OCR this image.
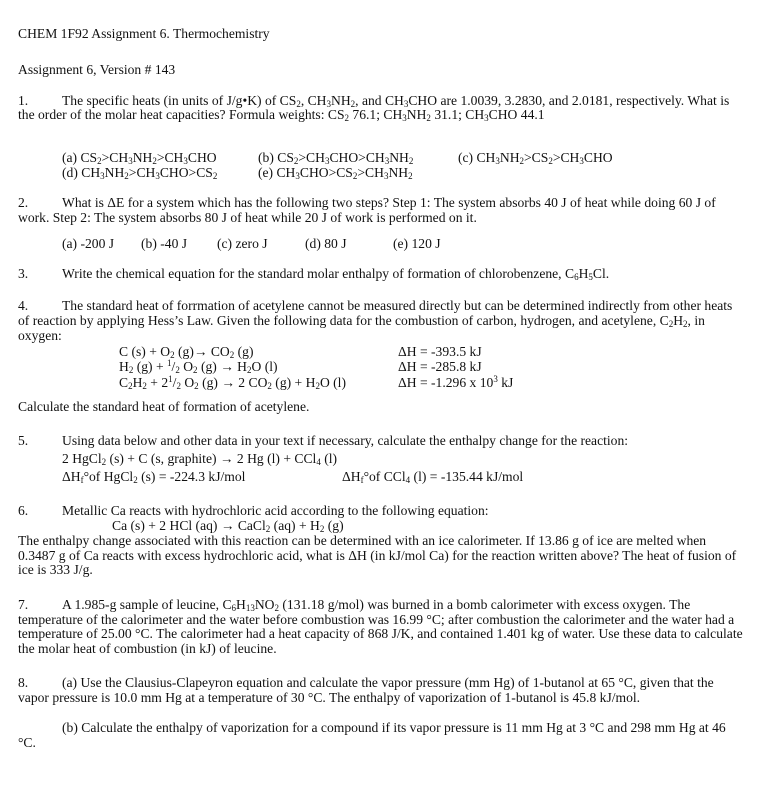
CHEM 1F92 Assignment 6. Thermochemistry
Assignment 6, Version # 143
1. The specific heats (in units of J/g•K) of $CS_2$, $CH_3NH_2$, and $CH_3CHO$ are 1.0039, 3.2830, and 2.0181, respectively. What is the order of the molar heat capacities? Formula weights: $CS_2$ 76.1; $CH_3NH_2$ 31.1; $CH_3CHO$ 44.1
(a) $CS_2>CH_3NH_2>CH_3CHO$	(b) $CS_2>CH_3CHO>CH_3NH_2$	(c) $CH_3NH_2>CS_2>CH_3CHO$
(d) $CH_3NH_2>CH_3CHO>CS_2$	(e) $CH_3CHO>CS_2>CH_3NH_2$
2. What is ΔE for a system which has the following two steps? Step 1: The system absorbs 40 J of heat while doing 60 J of work. Step 2: The system absorbs 80 J of heat while 20 J of work is performed on it.
(a) -200 J (b) -40 J (c) zero J	(d) 80 J	(e) 120 J
3. Write the chemical equation for the standard molar enthalpy of formation of chlorobenzene, $C_6H_5Cl$.
4. The standard heat of forrmation of acetylene cannot be measured directly but can be determined indirectly from other heats of reaction by applying Hess’s Law. Given the following data for the combustion of carbon, hydrogen, and acetylene, $C_2H_2$, in oxygen:
C $(s) + O_2$ $(g)\to CO_2$ (g)	ΔH = -393.5 kJ
$H_2$ $(g) + ^1/_2$ $O_2$ $(g) \to H_2O$ (l)	ΔH = -285.8 kJ
$C_2H_2 + 2^1/_2$ $O_2$ (g) → 2 $CO_2$ $(g) + H_2O$ (l)	ΔH = -1.296 x $10^3$ kJ
Calculate the standard heat of formation of acetylene.
5. Using data below and other data in your text if necessary, calculate the enthalpy change for the reaction:
2 HgCl$_2$ (s) + C (s, graphite) → 2 Hg (l) + CCl$_4$ (l)
$\Delta H_f^\circ of$ HgCl$_2$ (s) = -224.3 kJ/mol	$\Delta H_f^\circ of$ CCl$_4$ (l) = -135.44 kJ/mol
6. Metallic Ca reacts with hydrochloric acid according to the following equation:
Ca (s) + 2 HCl (aq) → CaCl$_2$ $(aq) + H_2$ (g)
The enthalpy change associated with this reaction can be determined with an ice calorimeter. If 13.86 g of ice are melted when 0.3487 g of Ca reacts with excess hydrochloric acid, what is ΔH (in kJ/mol Ca) for the reaction written above? The heat of fusion of ice is 333 J/g.
7. A 1.985-g sample of leucine, $C_6H_{13}NO_2$ (131.18 g/mol) was burned in a bomb calorimeter with excess oxygen. The temperature of the calorimeter and the water before combustion was 16.99 °C; after combustion the calorimeter and the water had a temperature of 25.00 °C. The calorimeter had a heat capacity of 868 J/K, and contained 1.401 kg of water. Use these data to calculate the molar heat of combustion (in kJ) of leucine.
8. (a) Use the Clausius-Clapeyron equation and calculate the vapor pressure (mm Hg) of 1-butanol at 65 °C, given that the vapor pressure is 10.0 mm Hg at a temperature of 30 °C. The enthalpy of vaporization of 1-butanol is 45.8 kJ/mol.
(b) Calculate the enthalpy of vaporization for a compound if its vapor pressure is 11 mm Hg at 3 °C and 298 mm Hg at 46 °C.
